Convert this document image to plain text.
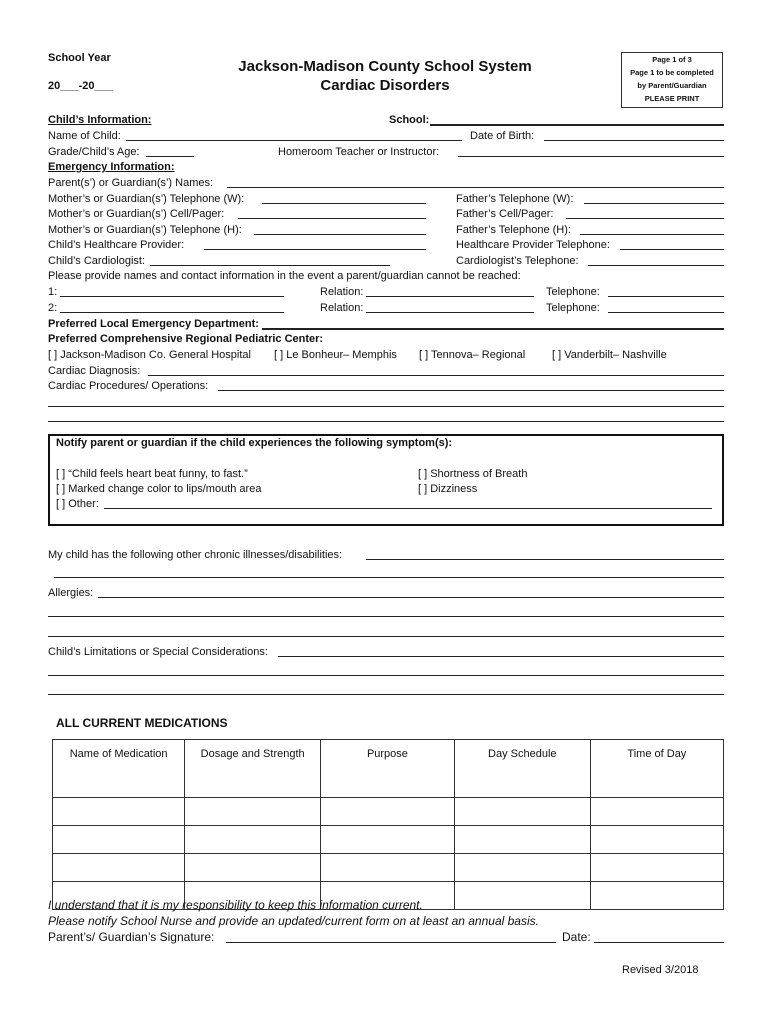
School Year
20___-20___
Jackson-Madison County School System
Cardiac Disorders
Page 1 of 3
Page 1 to be completed
by Parent/Guardian
PLEASE PRINT
Child’s Information:	School:
Name of Child:	Date of Birth:
Grade/Child’s Age:	Homeroom Teacher or Instructor:
Emergency Information:
Parent(s’) or Guardian(s’) Names:
Mother’s or Guardian(s’) Telephone (W):	Father’s Telephone (W):
Mother’s or Guardian(s’) Cell/Pager:	Father’s Cell/Pager:
Mother’s or Guardian(s’) Telephone (H):	Father’s Telephone (H):
Child’s Healthcare Provider:	Healthcare Provider Telephone:
Child’s Cardiologist:	Cardiologist’s Telephone:
Please provide names and contact information in the event a parent/guardian cannot be reached:
1:	Relation:	Telephone:
2:	Relation:	Telephone:
Preferred Local Emergency Department:
Preferred Comprehensive Regional Pediatric Center:
[ ] Jackson-Madison Co. General Hospital [ ] Le Bonheur– Memphis [ ] Tennova– Regional [ ] Vanderbilt– Nashville
Cardiac Diagnosis:
Cardiac Procedures/ Operations:
Notify parent or guardian if the child experiences the following symptom(s):
[ ] “Child feels heart beat funny, to fast.”	[ ] Shortness of Breath
[ ] Marked change color to lips/mouth area	[ ] Dizziness
[ ] Other:
My child has the following other chronic illnesses/disabilities:
Allergies:
Child’s Limitations or Special Considerations:
ALL CURRENT MEDICATIONS
Name of Medication	Dosage and Strength	Purpose	Day Schedule	Time of Day

I understand that it is my responsibility to keep this information current.
Please notify School Nurse and provide an updated/current form on at least an annual basis.
Parent’s/ Guardian’s Signature:	Date:
Revised 3/2018
